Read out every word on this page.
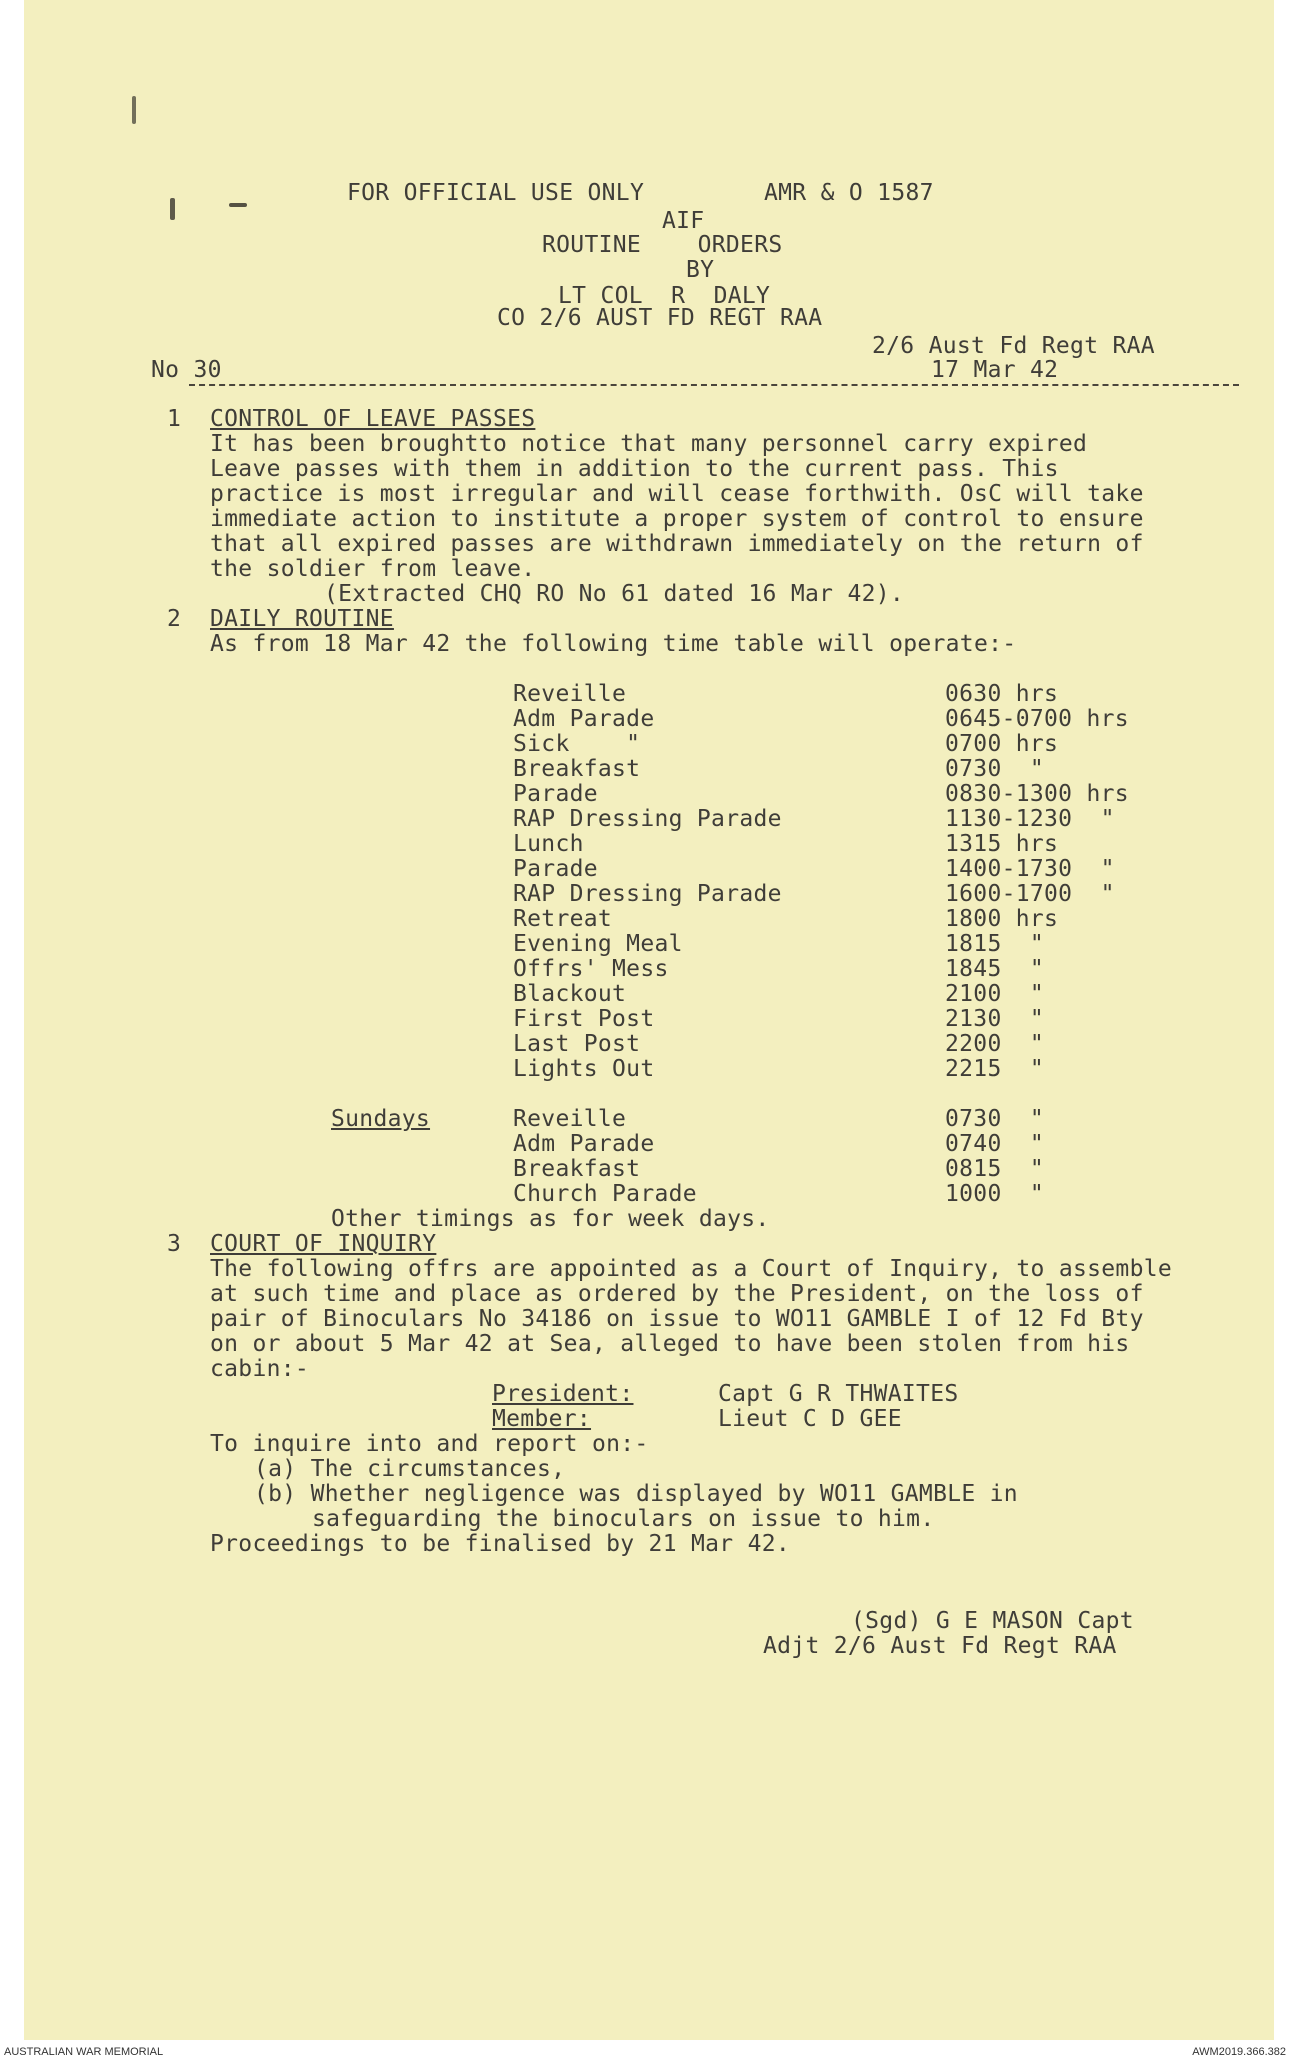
FOR OFFICIAL USE ONLY	AMR & O 1587
AIF
ROUTINE    ORDERS
BY
LT COL  R  DALY
CO 2/6 AUST FD REGT RAA
2/6 Aust Fd Regt RAA
No 30	17 Mar 42
1 CONTROL OF LEAVE PASSES
It has been broughtto notice that many personnel carry expired
Leave passes with them in addition to the current pass. This
practice is most irregular and will cease forthwith. OsC will take
immediate action to institute a proper system of control to ensure
that all expired passes are withdrawn immediately on the return of
the soldier from leave.
(Extracted CHQ RO No 61 dated 16 Mar 42).
2 DAILY ROUTINE
As from 18 Mar 42 the following time table will operate:-
Reveille	0630 hrs
Adm Parade	0645-0700 hrs
Sick    "	0700 hrs
Breakfast	0730  "
Parade	0830-1300 hrs
RAP Dressing Parade	1130-1230  "
Lunch	1315 hrs
Parade	1400-1730  "
RAP Dressing Parade	1600-1700  "
Retreat	1800 hrs
Evening Meal	1815  "
Offrs' Mess	1845  "
Blackout	2100  "
First Post	2130  "
Last Post	2200  "
Lights Out	2215  "
Sundays	Reveille	0730  "
Adm Parade	0740  "
Breakfast	0815  "
Church Parade	1000  "
Other timings as for week days.
3 COURT OF INQUIRY
The following offrs are appointed as a Court of Inquiry, to assemble
at such time and place as ordered by the President, on the loss of
pair of Binoculars No 34186 on issue to WO11 GAMBLE I of 12 Fd Bty
on or about 5 Mar 42 at Sea, alleged to have been stolen from his
cabin:-
President:	Capt G R THWAITES
Member:	Lieut C D GEE
To inquire into and report on:-
(a) The circumstances,
(b) Whether negligence was displayed by WO11 GAMBLE in
safeguarding the binoculars on issue to him.
Proceedings to be finalised by 21 Mar 42.
(Sgd) G E MASON Capt
Adjt 2/6 Aust Fd Regt RAA
AUSTRALIAN WAR MEMORIAL	AWM2019.366.382
